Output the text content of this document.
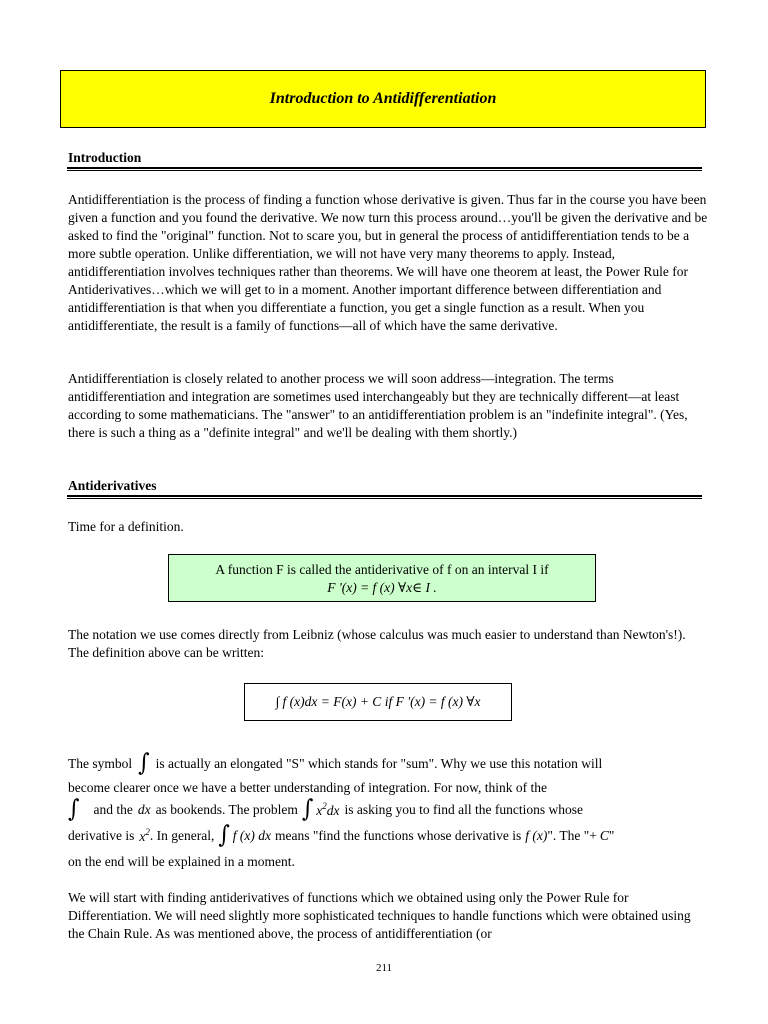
Introduction to Antidifferentiation
Introduction

Antidifferentiation is the process of finding a function whose derivative is given. Thus far in the course you have been given a function and you found the derivative. We now turn this process around…you'll be given the derivative and be asked to find the "original" function. Not to scare you, but in general the process of antidifferentiation tends to be a more subtle operation. Unlike differentiation, we will not have very many theorems to apply. Instead, antidifferentiation involves techniques rather than theorems. We will have one theorem at least, the Power Rule for Antiderivatives…which we will get to in a moment. Another important difference between differentiation and antidifferentiation is that when you differentiate a function, you get a single function as a result. When you antidifferentiate, the result is a family of functions—all of which have the same derivative.

Antidifferentiation is closely related to another process we will soon address—integration. The terms antidifferentiation and integration are sometimes used interchangeably but they are technically different—at least according to some mathematicians. The "answer" to an antidifferentiation problem is an "indefinite integral". (Yes, there is such a thing as a "definite integral" and we'll be dealing with them shortly.)

Antiderivatives

Time for a definition.

A function F is called the antiderivative of f on an interval I if
F '(x) = f (x) ∀x∈ I .

The notation we use comes directly from Leibniz (whose calculus was much easier to understand than Newton's!). The definition above can be written:

∫ f (x)dx = F(x) + C if F '(x) = f (x) ∀x
The symbol ∫ is actually an elongated "S" which stands for "sum". Why we use this notation will
become clearer once we have a better understanding of integration. For now, think of the
∫ and the dx as bookends. The problem ∫ $x^2dx$ is asking you to find all the functions whose
derivative is $x^2$ . In general, ∫ f (x) dx means "find the functions whose derivative is f (x) ". The "+ C "
on the end will be explained in a moment.

We will start with finding antiderivatives of functions which we obtained using only the Power Rule for Differentiation. We will need slightly more sophisticated techniques to handle functions which were obtained using the Chain Rule. As was mentioned above, the process of antidifferentiation (or

211
